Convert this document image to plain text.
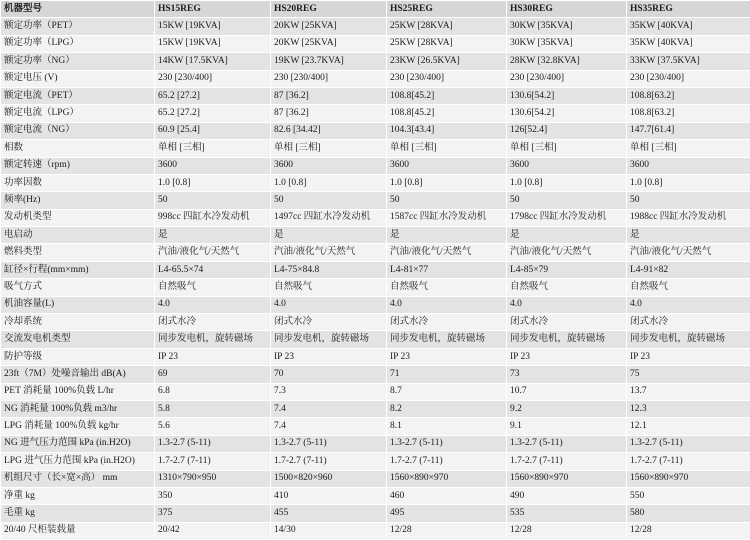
机器型号	HS15REG	HS20REG	HS25REG	HS30REG	HS35REG
额定功率（PET）	15KW [19KVA]	20KW [25KVA]	25KW [28KVA]	30KW [35KVA]	35KW [40KVA]
额定功率（LPG）	15KW [19KVA]	20KW [25KVA]	25KW [28KVA]	30KW [35KVA]	35KW [40KVA]
额定功率（NG）	14KW [17.5KVA]	19KW [23.7KVA]	23KW [26.5KVA]	28KW [32.8KVA]	33KW [37.5KVA]
额定电压 (V)	230 [230/400]	230 [230/400]	230 [230/400]	230 [230/400]	230 [230/400]
额定电流（PET）	65.2 [27.2]	87 [36.2]	108.8[45.2]	130.6[54.2]	108.8[63.2]
额定电流（LPG）	65.2 [27.2]	87 [36.2]	108.8[45.2]	130.6[54.2]	108.8[63.2]
额定电流（NG）	60.9 [25.4]	82.6 [34.42]	104.3[43.4]	126[52.4]	147.7[61.4]
相数	单相 [三相]	单相 [三相]	单相 [三相]	单相 [三相]	单相 [三相]
额定转速（rpm)	3600	3600	3600	3600	3600
功率因数	1.0 [0.8]	1.0 [0.8]	1.0 [0.8]	1.0 [0.8]	1.0 [0.8]
频率(Hz)	50	50	50	50	50
发动机类型	998cc 四缸水冷发动机	1497cc 四缸水冷发动机	1587cc 四缸水冷发动机	1798cc 四缸水冷发动机	1988cc 四缸水冷发动机
电启动	是	是	是	是	是
燃料类型	汽油/液化气/天然气	汽油/液化气/天然气	汽油/液化气/天然气	汽油/液化气/天然气	汽油/液化气/天然气
缸径×行程(mm×mm)	L4-65.5×74	L4-75×84.8	L4-81×77	L4-85×79	L4-91×82
吸气方式	自然吸气	自然吸气	自然吸气	自然吸气	自然吸气
机油容量(L)	4.0	4.0	4.0	4.0	4.0
冷却系统	闭式水冷	闭式水冷	闭式水冷	闭式水冷	闭式水冷
交流发电机类型	同步发电机，旋转磁场	同步发电机，旋转磁场	同步发电机，旋转磁场	同步发电机，旋转磁场	同步发电机，旋转磁场
防护等级	IP 23	IP 23	IP 23	IP 23	IP 23
23ft（7M）处噪音输出 dB(A)	69	70	71	73	75
PET 消耗量 100%负载 L/hr	6.8	7.3	8.7	10.7	13.7
NG 消耗量 100%负载 m3/hr	5.8	7.4	8.2	9.2	12.3
LPG 消耗量 100%负载 kg/hr	5.6	7.4	8.1	9.1	12.1
NG 进气压力范围 kPa (in.H2O)	1.3-2.7 (5-11)	1.3-2.7 (5-11)	1.3-2.7 (5-11)	1.3-2.7 (5-11)	1.3-2.7 (5-11)
LPG 进气压力范围 kPa (in.H2O)	1.7-2.7 (7-11)	1.7-2.7 (7-11)	1.7-2.7 (7-11)	1.7-2.7 (7-11)	1.7-2.7 (7-11)
机组尺寸（长×宽×高） mm	1310×790×950	1500×820×960	1560×890×970	1560×890×970	1560×890×970
净重 kg	350	410	460	490	550
毛重 kg	375	455	495	535	580
20/40 尺柜装载量	20/42	14/30	12/28	12/28	12/28
